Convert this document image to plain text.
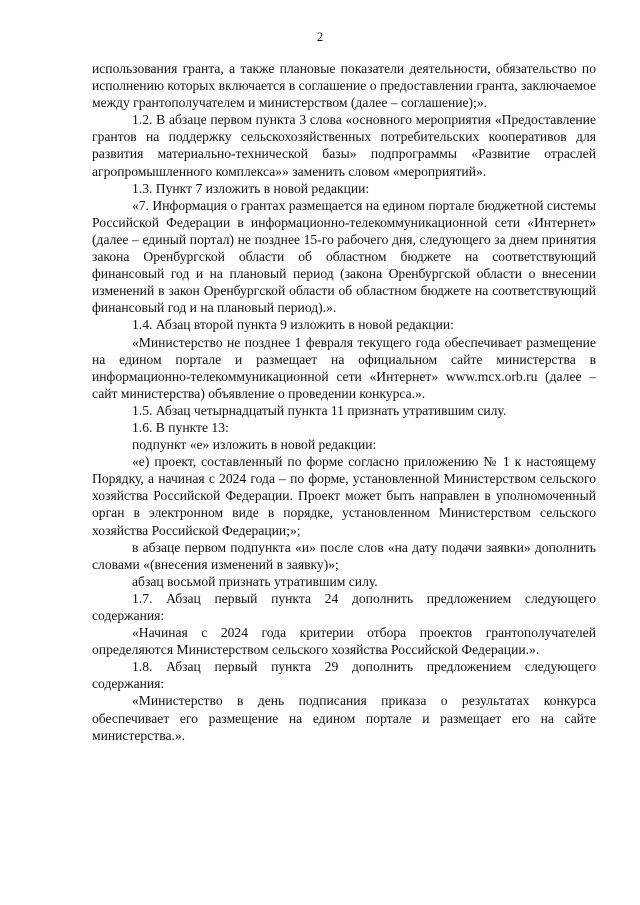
2

использования гранта, а также плановые показатели деятельности, обязательство по исполнению которых включается в соглашение о предоставлении гранта, заключаемое между грантополучателем и министерством (далее – соглашение);».

1.2. В абзаце первом пункта 3 слова «основного мероприятия «Предоставление грантов на поддержку сельскохозяйственных потребительских кооперативов для развития материально-технической базы» подпрограммы «Развитие отраслей агропромышленного комплекса»» заменить словом «мероприятий».

1.3. Пункт 7 изложить в новой редакции:

«7. Информация о грантах размещается на едином портале бюджетной системы Российской Федерации в информационно-телекоммуникационной сети «Интернет» (далее – единый портал) не позднее 15-го рабочего дня, следующего за днем принятия закона Оренбургской области об областном бюджете на соответствующий финансовый год и на плановый период (закона Оренбургской области о внесении изменений в закон Оренбургской области об областном бюджете на соответствующий финансовый год и на плановый период).».

1.4. Абзац второй пункта 9 изложить в новой редакции:

«Министерство не позднее 1 февраля текущего года обеспечивает размещение на едином портале и размещает на официальном сайте министерства в информационно-телекоммуникационной сети «Интернет» www.mcx.orb.ru (далее – сайт министерства) объявление о проведении конкурса.».

1.5. Абзац четырнадцатый пункта 11 признать утратившим силу.

1.6. В пункте 13:

подпункт «е» изложить в новой редакции:

«е) проект, составленный по форме согласно приложению № 1 к настоящему Порядку, а начиная с 2024 года – по форме, установленной Министерством сельского хозяйства Российской Федерации. Проект может быть направлен в уполномоченный орган в электронном виде в порядке, установленном Министерством сельского хозяйства Российской Федерации;»;

в абзаце первом подпункта «и» после слов «на дату подачи заявки» дополнить словами «(внесения изменений в заявку)»;

абзац восьмой признать утратившим силу.

1.7. Абзац первый пункта 24 дополнить предложением следующего содержания:

«Начиная с 2024 года критерии отбора проектов грантополучателей определяются Министерством сельского хозяйства Российской Федерации.».

1.8. Абзац первый пункта 29 дополнить предложением следующего содержания:

«Министерство в день подписания приказа о результатах конкурса обеспечивает его размещение на едином портале и размещает его на сайте министерства.».
